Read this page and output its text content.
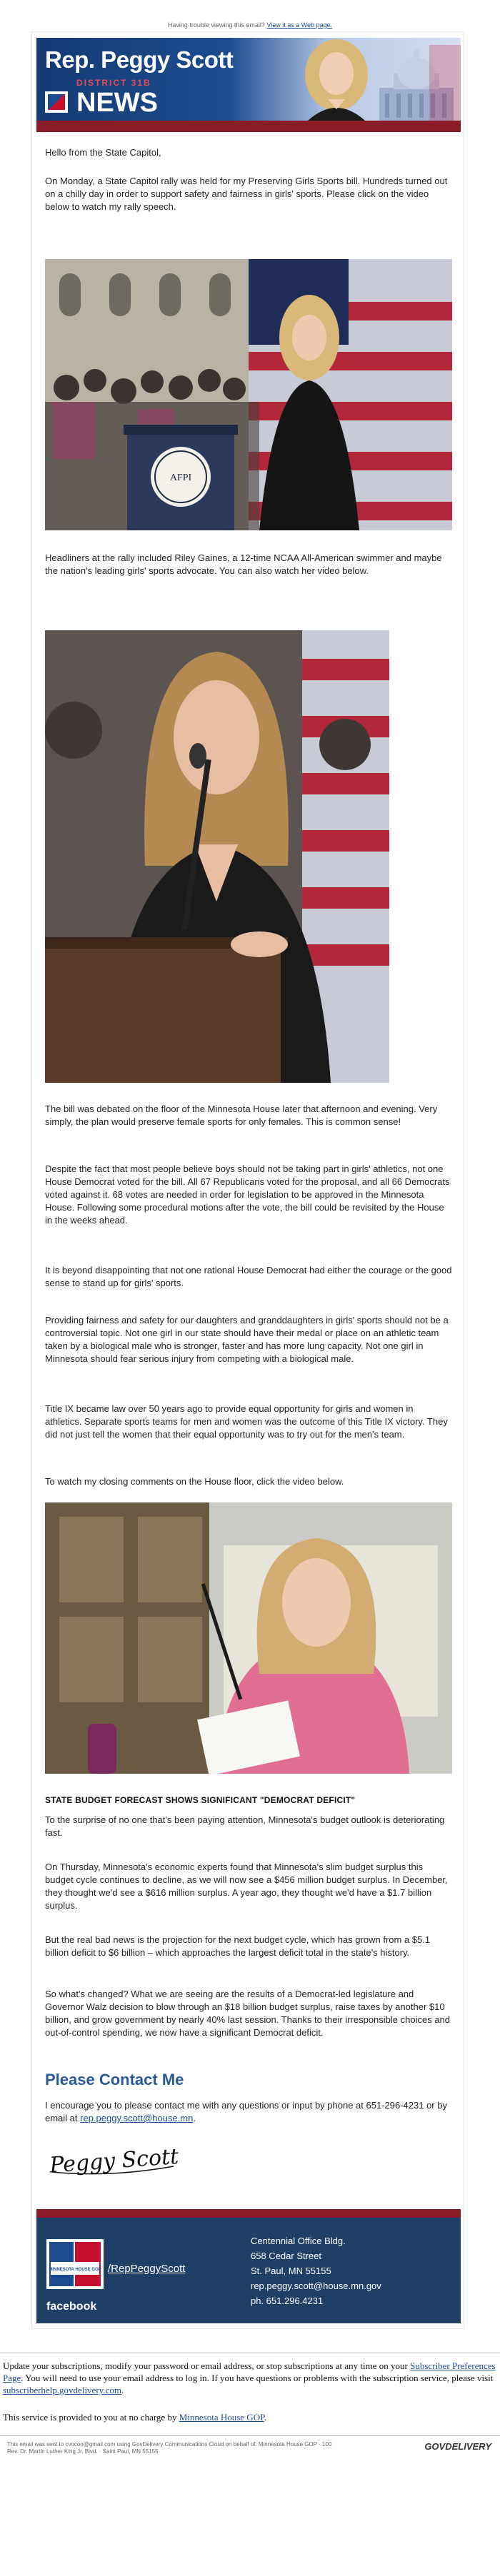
Having trouble viewing this email? View it as a Web page.
Rep. Peggy Scott
DISTRICT 31B
NEWS

Hello from the State Capitol,

On Monday, a State Capitol rally was held for my Preserving Girls Sports bill. Hundreds turned out on a chilly day in order to support safety and fairness in girls' sports. Please click on the video below to watch my rally speech.

AFPI

Headliners at the rally included Riley Gaines, a 12-time NCAA All-American swimmer and maybe the nation's leading girls' sports advocate. You can also watch her video below.

The bill was debated on the floor of the Minnesota House later that afternoon and evening. Very simply, the plan would preserve female sports for only females. This is common sense!

Despite the fact that most people believe boys should not be taking part in girls' athletics, not one House Democrat voted for the bill. All 67 Republicans voted for the proposal, and all 66 Democrats voted against it. 68 votes are needed in order for legislation to be approved in the Minnesota House. Following some procedural motions after the vote, the bill could be revisited by the House in the weeks ahead.

It is beyond disappointing that not one rational House Democrat had either the courage or the good sense to stand up for girls' sports.

Providing fairness and safety for our daughters and granddaughters in girls' sports should not be a controversial topic. Not one girl in our state should have their medal or place on an athletic team taken by a biological male who is stronger, faster and has more lung capacity. Not one girl in Minnesota should fear serious injury from competing with a biological male.

Title IX became law over 50 years ago to provide equal opportunity for girls and women in athletics. Separate sports teams for men and women was the outcome of this Title IX victory. They did not just tell the women that their equal opportunity was to try out for the men's team.

To watch my closing comments on the House floor, click the video below.

STATE BUDGET FORECAST SHOWS SIGNIFICANT "DEMOCRAT DEFICIT"

To the surprise of no one that's been paying attention, Minnesota's budget outlook is deteriorating fast.

On Thursday, Minnesota's economic experts found that Minnesota's slim budget surplus this budget cycle continues to decline, as we will now see a $456 million budget surplus. In December, they thought we'd see a $616 million surplus. A year ago, they thought we'd have a $1.7 billion surplus.

But the real bad news is the projection for the next budget cycle, which has grown from a $5.1 billion deficit to $6 billion – which approaches the largest deficit total in the state's history.

So what's changed? What we are seeing are the results of a Democrat-led legislature and Governor Walz decision to blow through an $18 billion budget surplus, raise taxes by another $10 billion, and grow government by nearly 40% last session. Thanks to their irresponsible choices and out-of-control spending, we now have a significant Democrat deficit.

Please Contact Me

I encourage you to please contact me with any questions or input by phone at 651-296-4231 or by email at rep.peggy.scott@house.mn.

Peggy Scott
MINNESOTA HOUSE GOP /RepPeggyScott
facebook
Centennial Office Bldg.
658 Cedar Street
St. Paul, MN 55155
rep.peggy.scott@house.mn.gov
ph. 651.296.4231
Update your subscriptions, modify your password or email address, or stop subscriptions at any time on your Subscriber Preferences Page. You will need to use your email address to log in. If you have questions or problems with the subscription service, please visit subscriberhelp.govdelivery.com.
This service is provided to you at no charge by Minnesota House GOP.
This email was sent to cvocoo@gmail.com using GovDelivery Communications Cloud on behalf of: Minnesota House GOP · 100
Rev. Dr. Martin Luther King Jr. Blvd. · Saint Paul, MN 55155	GOVDELIVERY
